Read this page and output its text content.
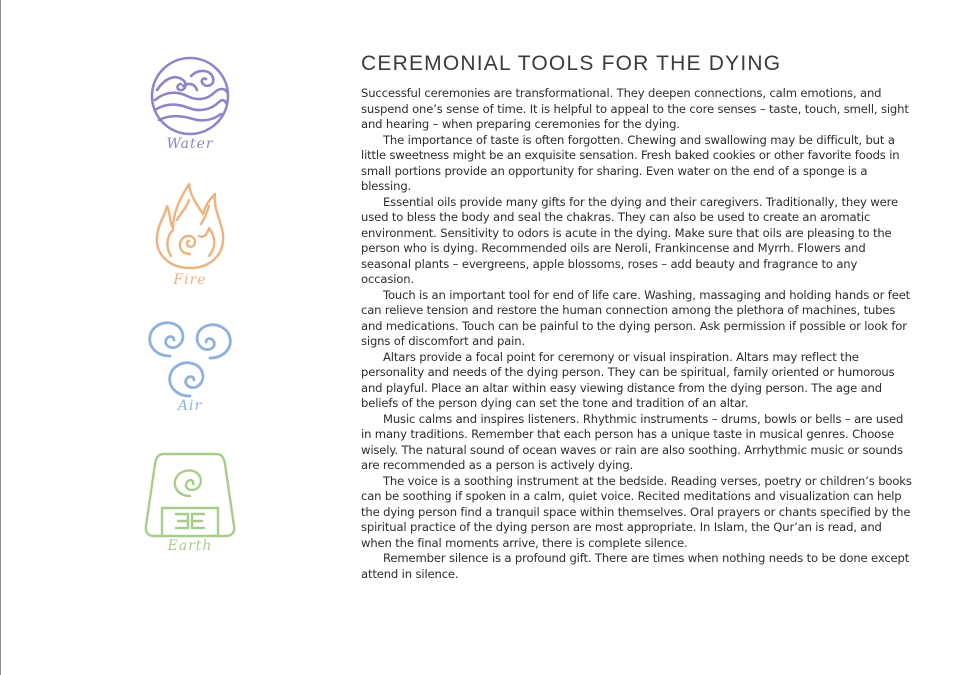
Water
Fire
Air
Earth
CEREMONIAL TOOLS FOR THE DYING

Successful ceremonies are transformational. They deepen connections, calm emotions, and suspend one’s sense of time. It is helpful to appeal to the core senses – taste, touch, smell, sight and hearing – when preparing ceremonies for the dying.

The importance of taste is often forgotten. Chewing and swallowing may be difficult, but a little sweetness might be an exquisite sensation. Fresh baked cookies or other favorite foods in small portions provide an opportunity for sharing. Even water on the end of a sponge is a blessing.

Essential oils provide many gifts for the dying and their caregivers. Traditionally, they were used to bless the body and seal the chakras. They can also be used to create an aromatic environment. Sensitivity to odors is acute in the dying. Make sure that oils are pleasing to the person who is dying. Recommended oils are Neroli, Frankincense and Myrrh. Flowers and seasonal plants – evergreens, apple blossoms, roses – add beauty and fragrance to any occasion.

Touch is an important tool for end of life care. Washing, massaging and holding hands or feet can relieve tension and restore the human connection among the plethora of machines, tubes and medications. Touch can be painful to the dying person. Ask permission if possible or look for signs of discomfort and pain.

Altars provide a focal point for ceremony or visual inspiration. Altars may reflect the personality and needs of the dying person. They can be spiritual, family oriented or humorous and playful. Place an altar within easy viewing distance from the dying person. The age and beliefs of the person dying can set the tone and tradition of an altar.

Music calms and inspires listeners. Rhythmic instruments – drums, bowls or bells – are used in many traditions. Remember that each person has a unique taste in musical genres. Choose wisely. The natural sound of ocean waves or rain are also soothing. Arrhythmic music or sounds are recommended as a person is actively dying.

The voice is a soothing instrument at the bedside. Reading verses, poetry or children’s books can be soothing if spoken in a calm, quiet voice. Recited meditations and visualization can help the dying person find a tranquil space within themselves. Oral prayers or chants specified by the spiritual practice of the dying person are most appropriate. In Islam, the Qur’an is read, and when the final moments arrive, there is complete silence.

Remember silence is a profound gift. There are times when nothing needs to be done except attend in silence.
